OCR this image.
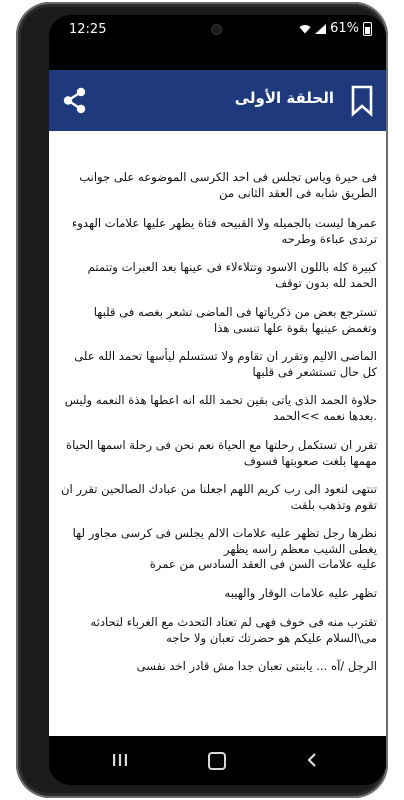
12:25	61%
الحلقة الأولى
فى حيرة وياس تجلس فى احد الكرسى الموضوعه على جوانب الطريق شابه فى العقد الثانى من
عمرها ليست بالجميله ولا القبيحه فتاة يظهر عليها علامات الهدوء ترتدى عباءة وطرحه
كبيرة كله باللون الاسود وتتلاءلاء فى عينها بعد العبرات وتتمتم الحمد لله بدون توقف
تسترجع بعض من ذكرياتها فى الماضى تشعر بغصه فى قلبها وتغمض عينيها بقوة علها تنسى هذا
الماضى الاليم وتقرر ان تقاوم ولا تستسلم ليأسها تحمد الله على كل حال تستشعر فى قلبها
حلاوة الحمد الذى ياتى بقين تحمد الله انه اعطها هذة النعمه وليس .بعدها نعمه >>الحمد
تقرر ان تستكمل رحلتها مع الحياة نعم نحن فى رحلة اسمها الحياة مهمها بلغت صعوبتها فسوف
تنتهى لنعود الى رب كريم اللهم اجعلنا من عبادك الصالحين تقرر ان تقوم وتذهب بلقت
نظرها رجل تظهر عليه علامات الالم يجلس فى كرسى مجاور لها يغطى الشيب معظم راسه يظهر
عليه علامات السن فى العقد السادس من عمرة
تظهر عليه علامات الوقار والهيبه
تقترب منه فى خوف فهى لم تعتاد التحدث مع الغرباء لتحادثه مى\السلام عليكم هو حضرتك تعبان ولا حاجه
الرجل /آه ... يابنتى تعبان جدا مش قادر اخد نفسى
